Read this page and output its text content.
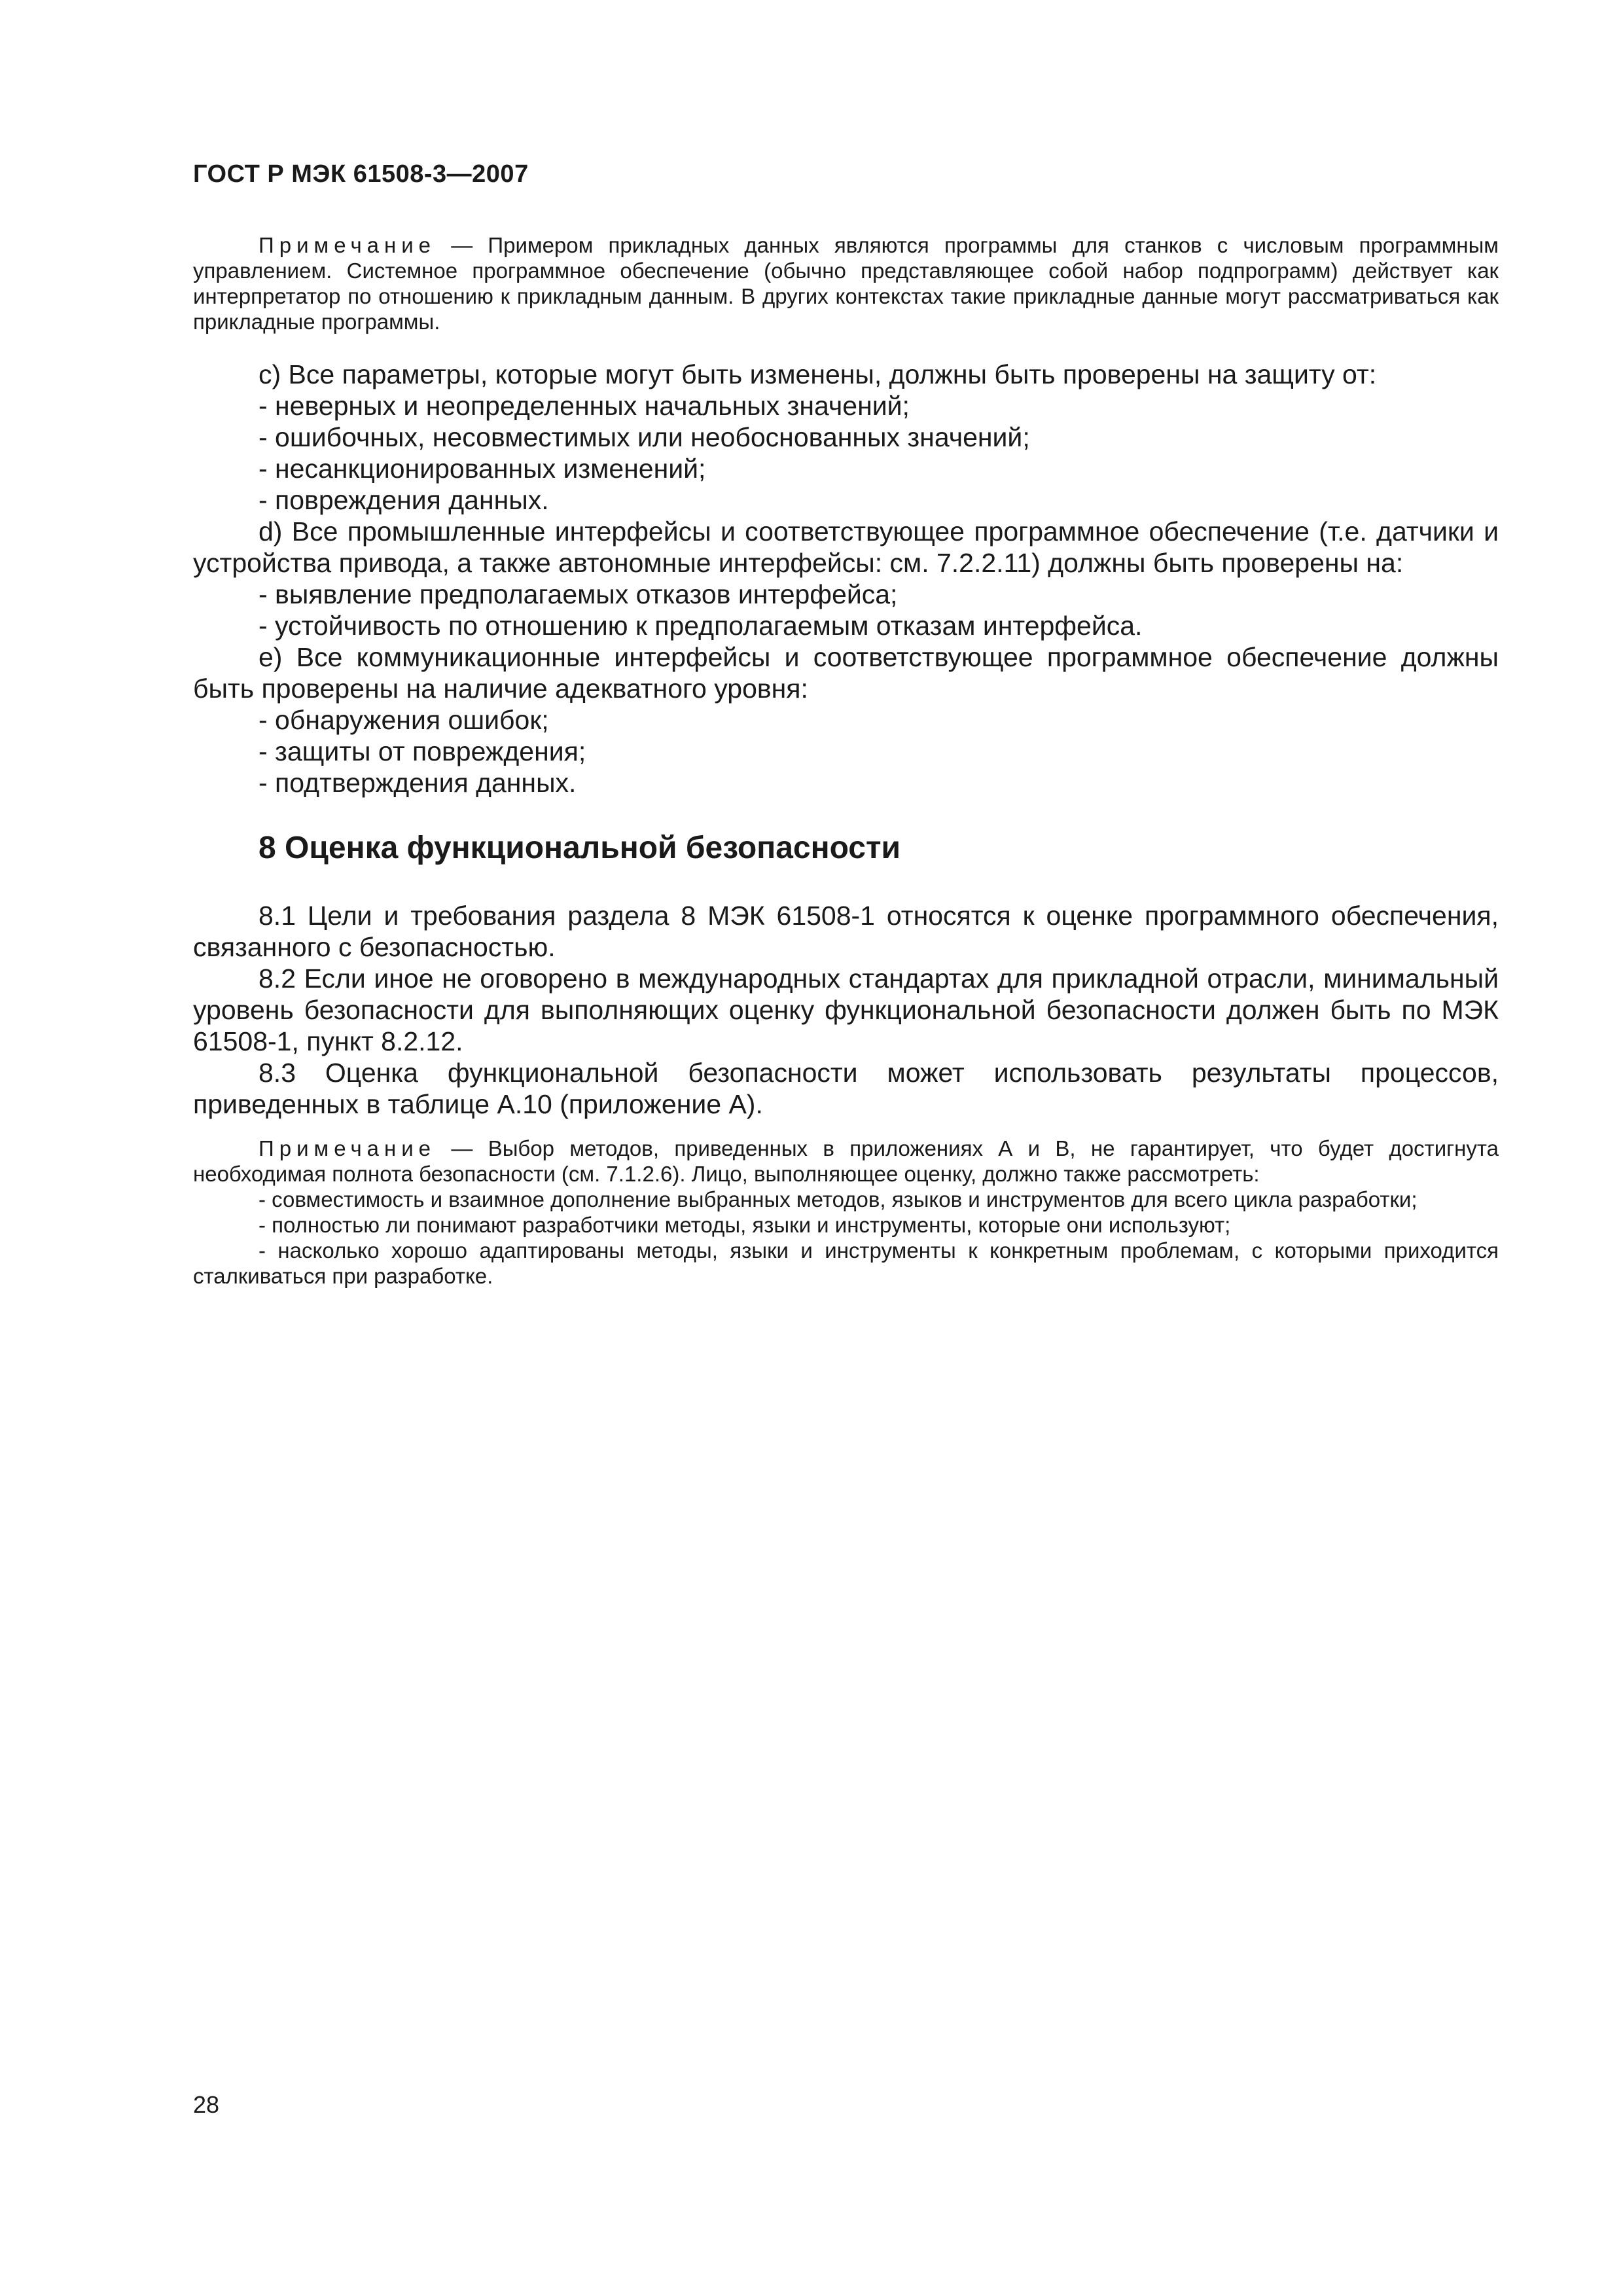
ГОСТ Р МЭК 61508-3—2007

Примечание — Примером прикладных данных являются программы для станков с числовым программным управлением. Системное программное обеспечение (обычно представляющее собой набор подпрограмм) действует как интерпретатор по отношению к прикладным данным. В других контекстах такие прикладные данные могут рассматриваться как прикладные программы.

c) Все параметры, которые могут быть изменены, должны быть проверены на защиту от:

- неверных и неопределенных начальных значений;

- ошибочных, несовместимых или необоснованных значений;

- несанкционированных изменений;

- повреждения данных.

d) Все промышленные интерфейсы и соответствующее программное обеспечение (т.е. датчики и устройства привода, а также автономные интерфейсы: см. 7.2.2.11) должны быть проверены на:

- выявление предполагаемых отказов интерфейса;

- устойчивость по отношению к предполагаемым отказам интерфейса.

e) Все коммуникационные интерфейсы и соответствующее программное обеспечение должны быть проверены на наличие адекватного уровня:

- обнаружения ошибок;

- защиты от повреждения;

- подтверждения данных.

8 Оценка функциональной безопасности

8.1 Цели и требования раздела 8 МЭК 61508-1 относятся к оценке программного обеспечения, связанного с безопасностью.

8.2 Если иное не оговорено в международных стандартах для прикладной отрасли, минимальный уровень безопасности для выполняющих оценку функциональной безопасности должен быть по МЭК 61508-1, пункт 8.2.12.

8.3 Оценка функциональной безопасности может использовать результаты процессов, приведенных в таблице А.10 (приложение А).

Примечание — Выбор методов, приведенных в приложениях А и В, не гарантирует, что будет достигнута необходимая полнота безопасности (см. 7.1.2.6). Лицо, выполняющее оценку, должно также рассмотреть:

- совместимость и взаимное дополнение выбранных методов, языков и инструментов для всего цикла разработки;

- полностью ли понимают разработчики методы, языки и инструменты, которые они используют;

- насколько хорошо адаптированы методы, языки и инструменты к конкретным проблемам, с которыми приходится сталкиваться при разработке.

28
